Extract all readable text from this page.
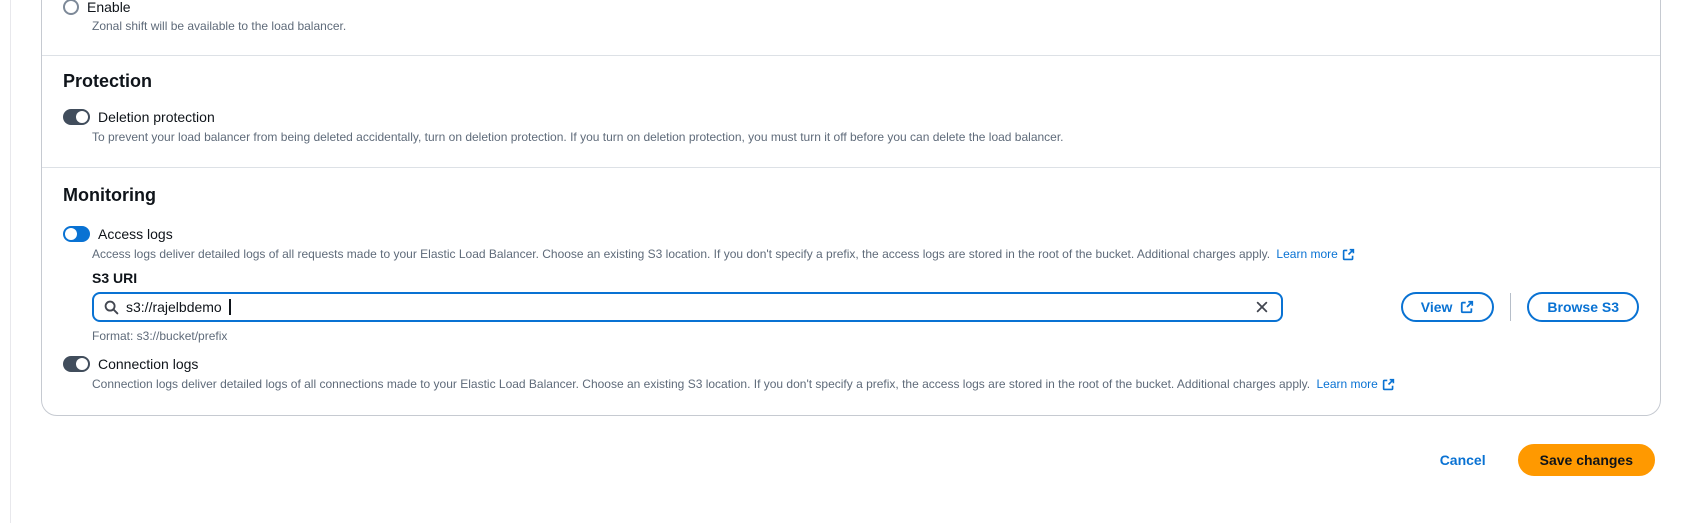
Enable
Zonal shift will be available to the load balancer.
Protection
Deletion protection
To prevent your load balancer from being deleted accidentally, turn on deletion protection. If you turn on deletion protection, you must turn it off before you can delete the load balancer.
Monitoring
Access logs
Access logs deliver detailed logs of all requests made to your Elastic Load Balancer. Choose an existing S3 location. If you don't specify a prefix, the access logs are stored in the root of the bucket. Additional charges apply. Learn more
S3 URI
s3://rajelbdemo	View	Browse S3
Format: s3://bucket/prefix
Connection logs
Connection logs deliver detailed logs of all connections made to your Elastic Load Balancer. Choose an existing S3 location. If you don't specify a prefix, the access logs are stored in the root of the bucket. Additional charges apply. Learn more
Cancel	Save changes
